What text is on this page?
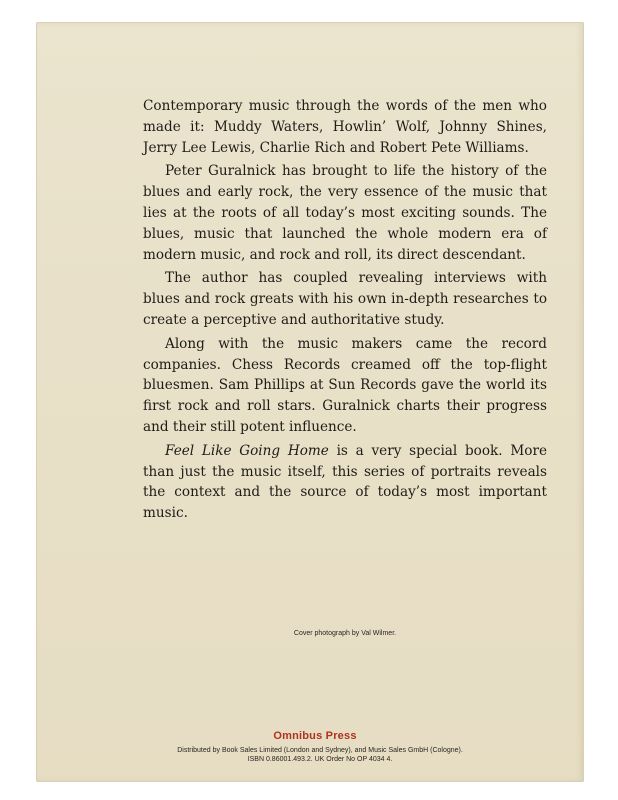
Contemporary music through the words of the men who made it: Muddy Waters, Howlin’ Wolf, Johnny Shines, Jerry Lee Lewis, Charlie Rich and Robert Pete Williams.

Peter Guralnick has brought to life the history of the blues and early rock, the very essence of the music that lies at the roots of all today’s most exciting sounds. The blues, music that launched the whole modern era of modern music, and rock and roll, its direct descendant.

The author has coupled revealing interviews with blues and rock greats with his own in-depth researches to create a perceptive and authoritative study.

Along with the music makers came the record companies. Chess Records creamed off the top-flight bluesmen. Sam Phillips at Sun Records gave the world its first rock and roll stars. Guralnick charts their progress and their still potent influence.

Feel Like Going Home is a very special book. More than just the music itself, this series of portraits reveals the context and the source of today’s most important music.

Cover photograph by Val Wilmer.
Omnibus Press
Distributed by Book Sales Limited (London and Sydney), and Music Sales GmbH (Cologne).
ISBN 0.86001.493.2. UK Order No OP 4034 4.
